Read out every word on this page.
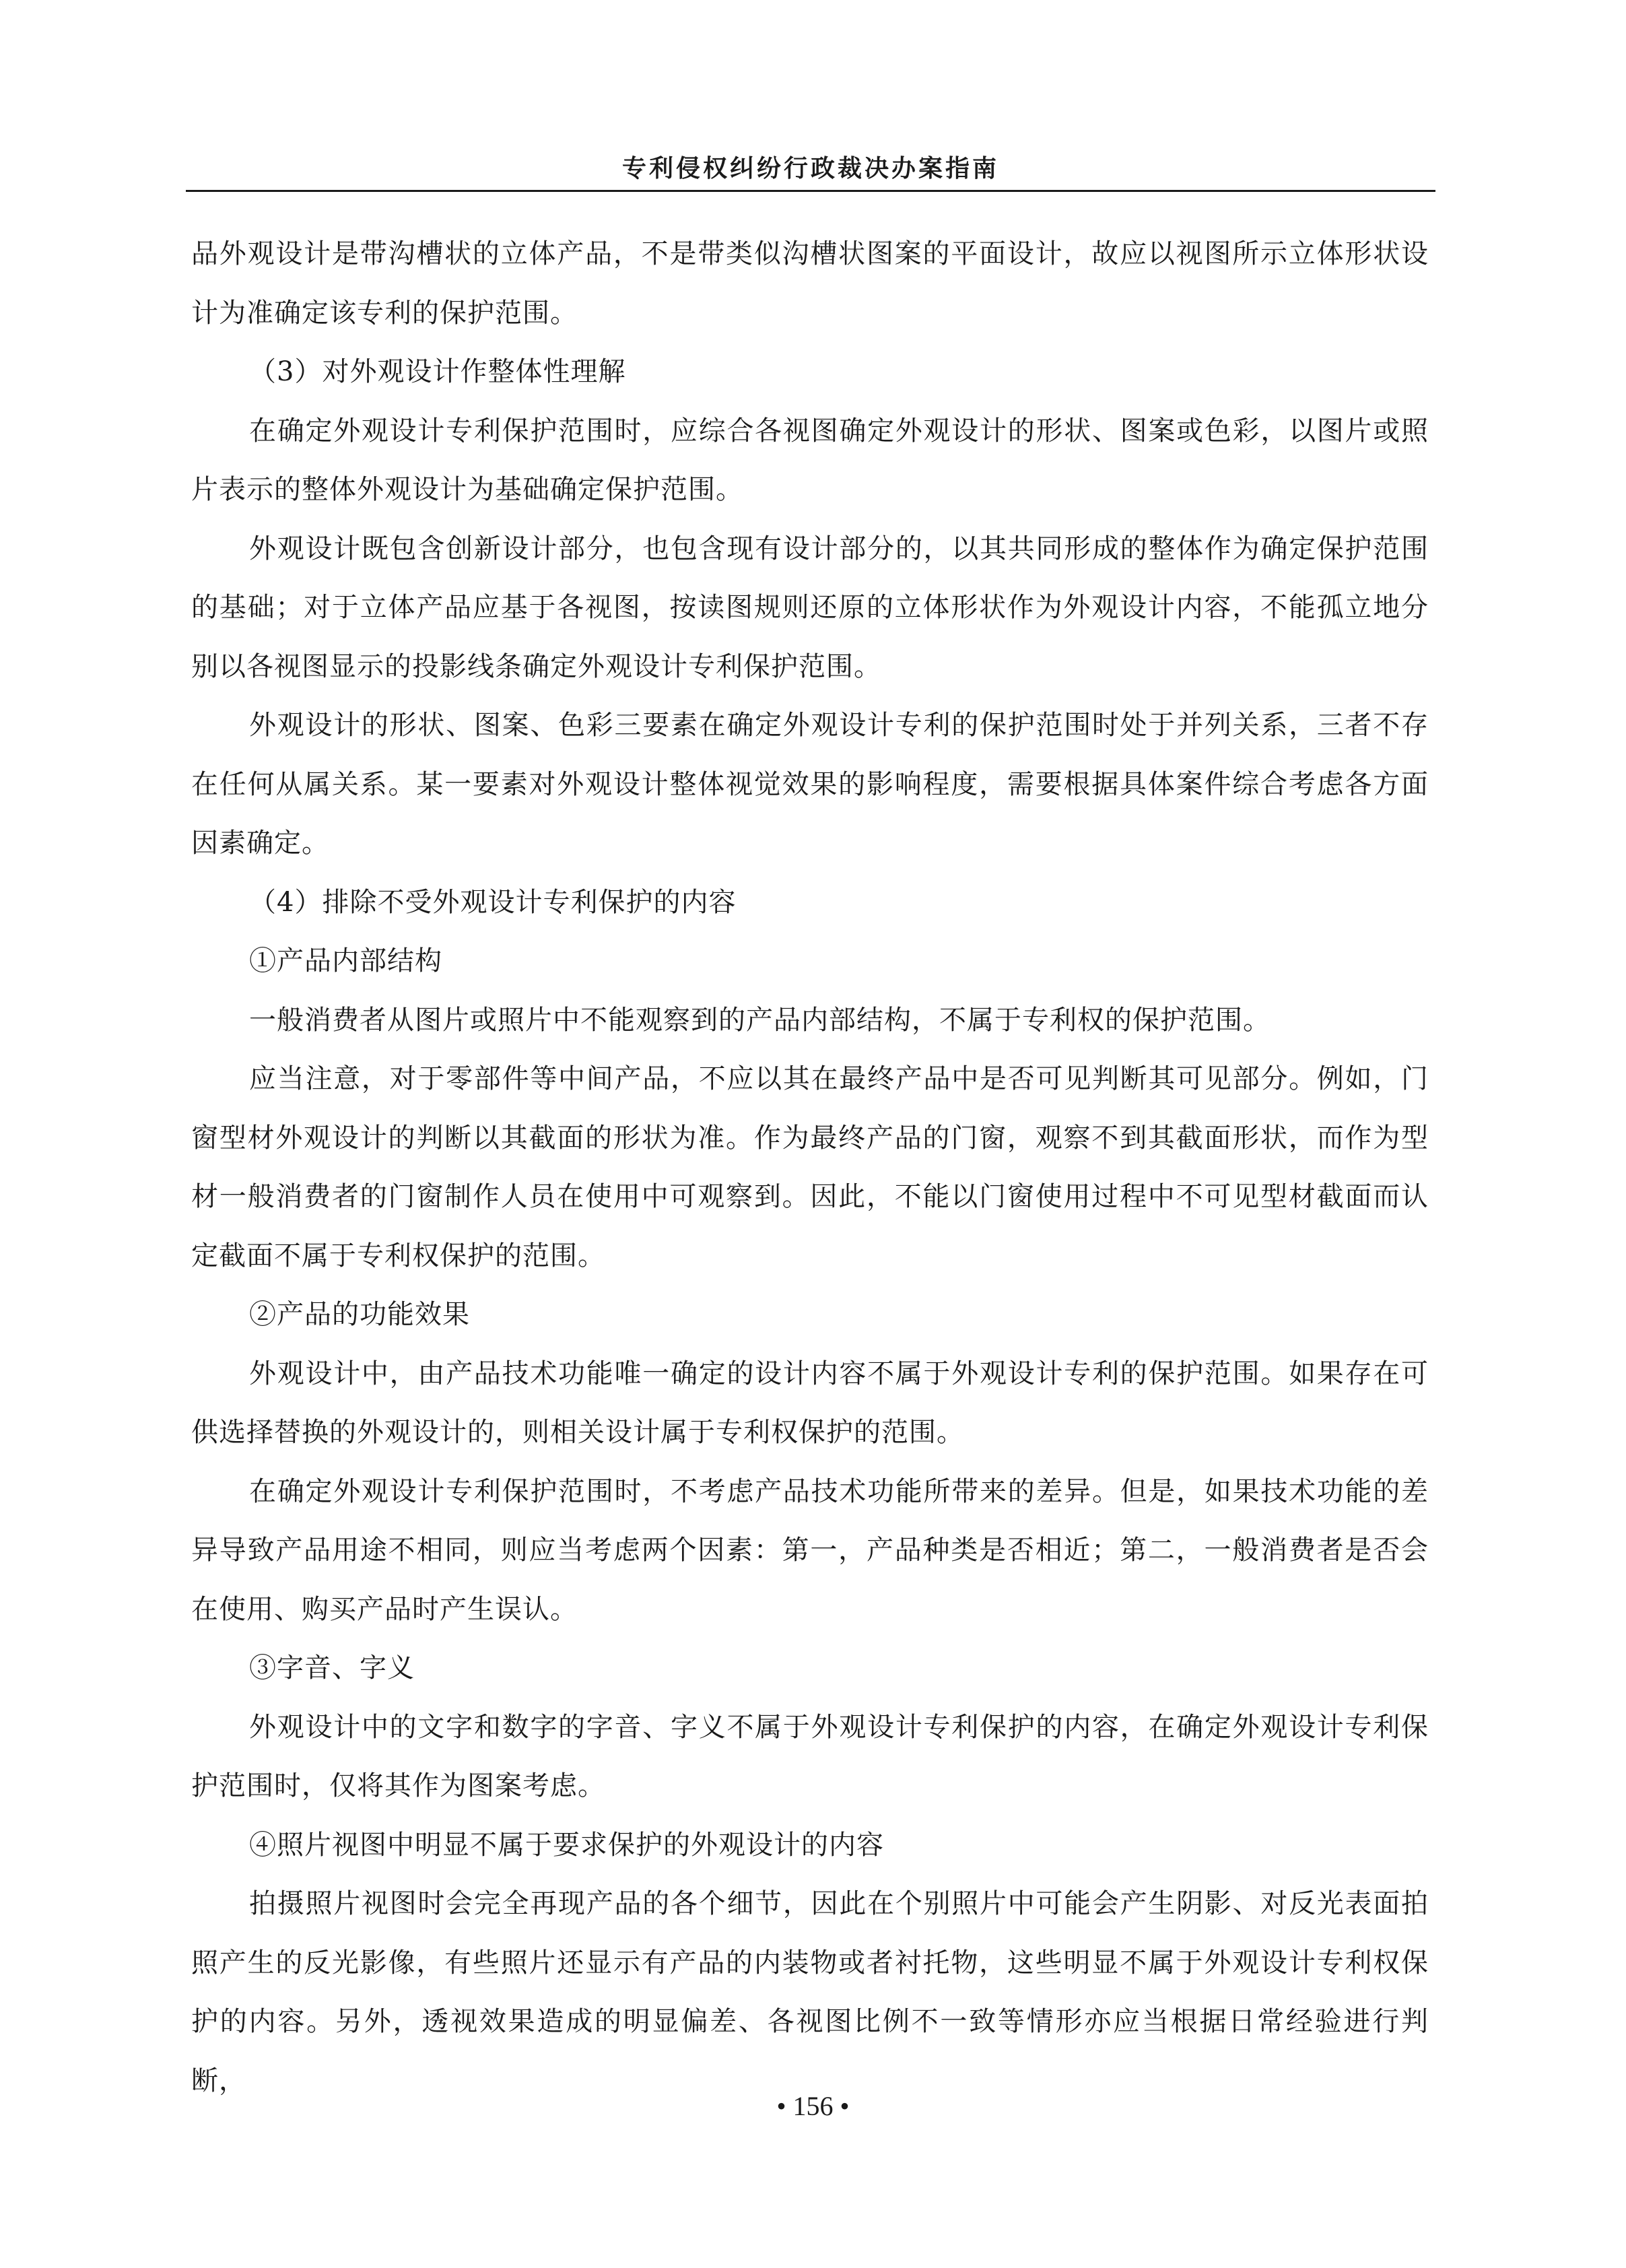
专利侵权纠纷行政裁决办案指南

品外观设计是带沟槽状的立体产品，不是带类似沟槽状图案的平面设计，故应以视图所示立体形状设计为准确定该专利的保护范围。

（3）对外观设计作整体性理解

在确定外观设计专利保护范围时，应综合各视图确定外观设计的形状、图案或色彩，以图片或照片表示的整体外观设计为基础确定保护范围。

外观设计既包含创新设计部分，也包含现有设计部分的，以其共同形成的整体作为确定保护范围的基础；对于立体产品应基于各视图，按读图规则还原的立体形状作为外观设计内容，不能孤立地分别以各视图显示的投影线条确定外观设计专利保护范围。

外观设计的形状、图案、色彩三要素在确定外观设计专利的保护范围时处于并列关系，三者不存在任何从属关系。某一要素对外观设计整体视觉效果的影响程度，需要根据具体案件综合考虑各方面因素确定。

（4）排除不受外观设计专利保护的内容

①产品内部结构

一般消费者从图片或照片中不能观察到的产品内部结构，不属于专利权的保护范围。

应当注意，对于零部件等中间产品，不应以其在最终产品中是否可见判断其可见部分。例如，门窗型材外观设计的判断以其截面的形状为准。作为最终产品的门窗，观察不到其截面形状，而作为型材一般消费者的门窗制作人员在使用中可观察到。因此，不能以门窗使用过程中不可见型材截面而认定截面不属于专利权保护的范围。

②产品的功能效果

外观设计中，由产品技术功能唯一确定的设计内容不属于外观设计专利的保护范围。如果存在可供选择替换的外观设计的，则相关设计属于专利权保护的范围。

在确定外观设计专利保护范围时，不考虑产品技术功能所带来的差异。但是，如果技术功能的差异导致产品用途不相同，则应当考虑两个因素：第一，产品种类是否相近；第二，一般消费者是否会在使用、购买产品时产生误认。

③字音、字义

外观设计中的文字和数字的字音、字义不属于外观设计专利保护的内容，在确定外观设计专利保护范围时，仅将其作为图案考虑。

④照片视图中明显不属于要求保护的外观设计的内容

拍摄照片视图时会完全再现产品的各个细节，因此在个别照片中可能会产生阴影、对反光表面拍照产生的反光影像，有些照片还显示有产品的内装物或者衬托物，这些明显不属于外观设计专利权保护的内容。另外，透视效果造成的明显偏差、各视图比例不一致等情形亦应当根据日常经验进行判断，

• 156 •
